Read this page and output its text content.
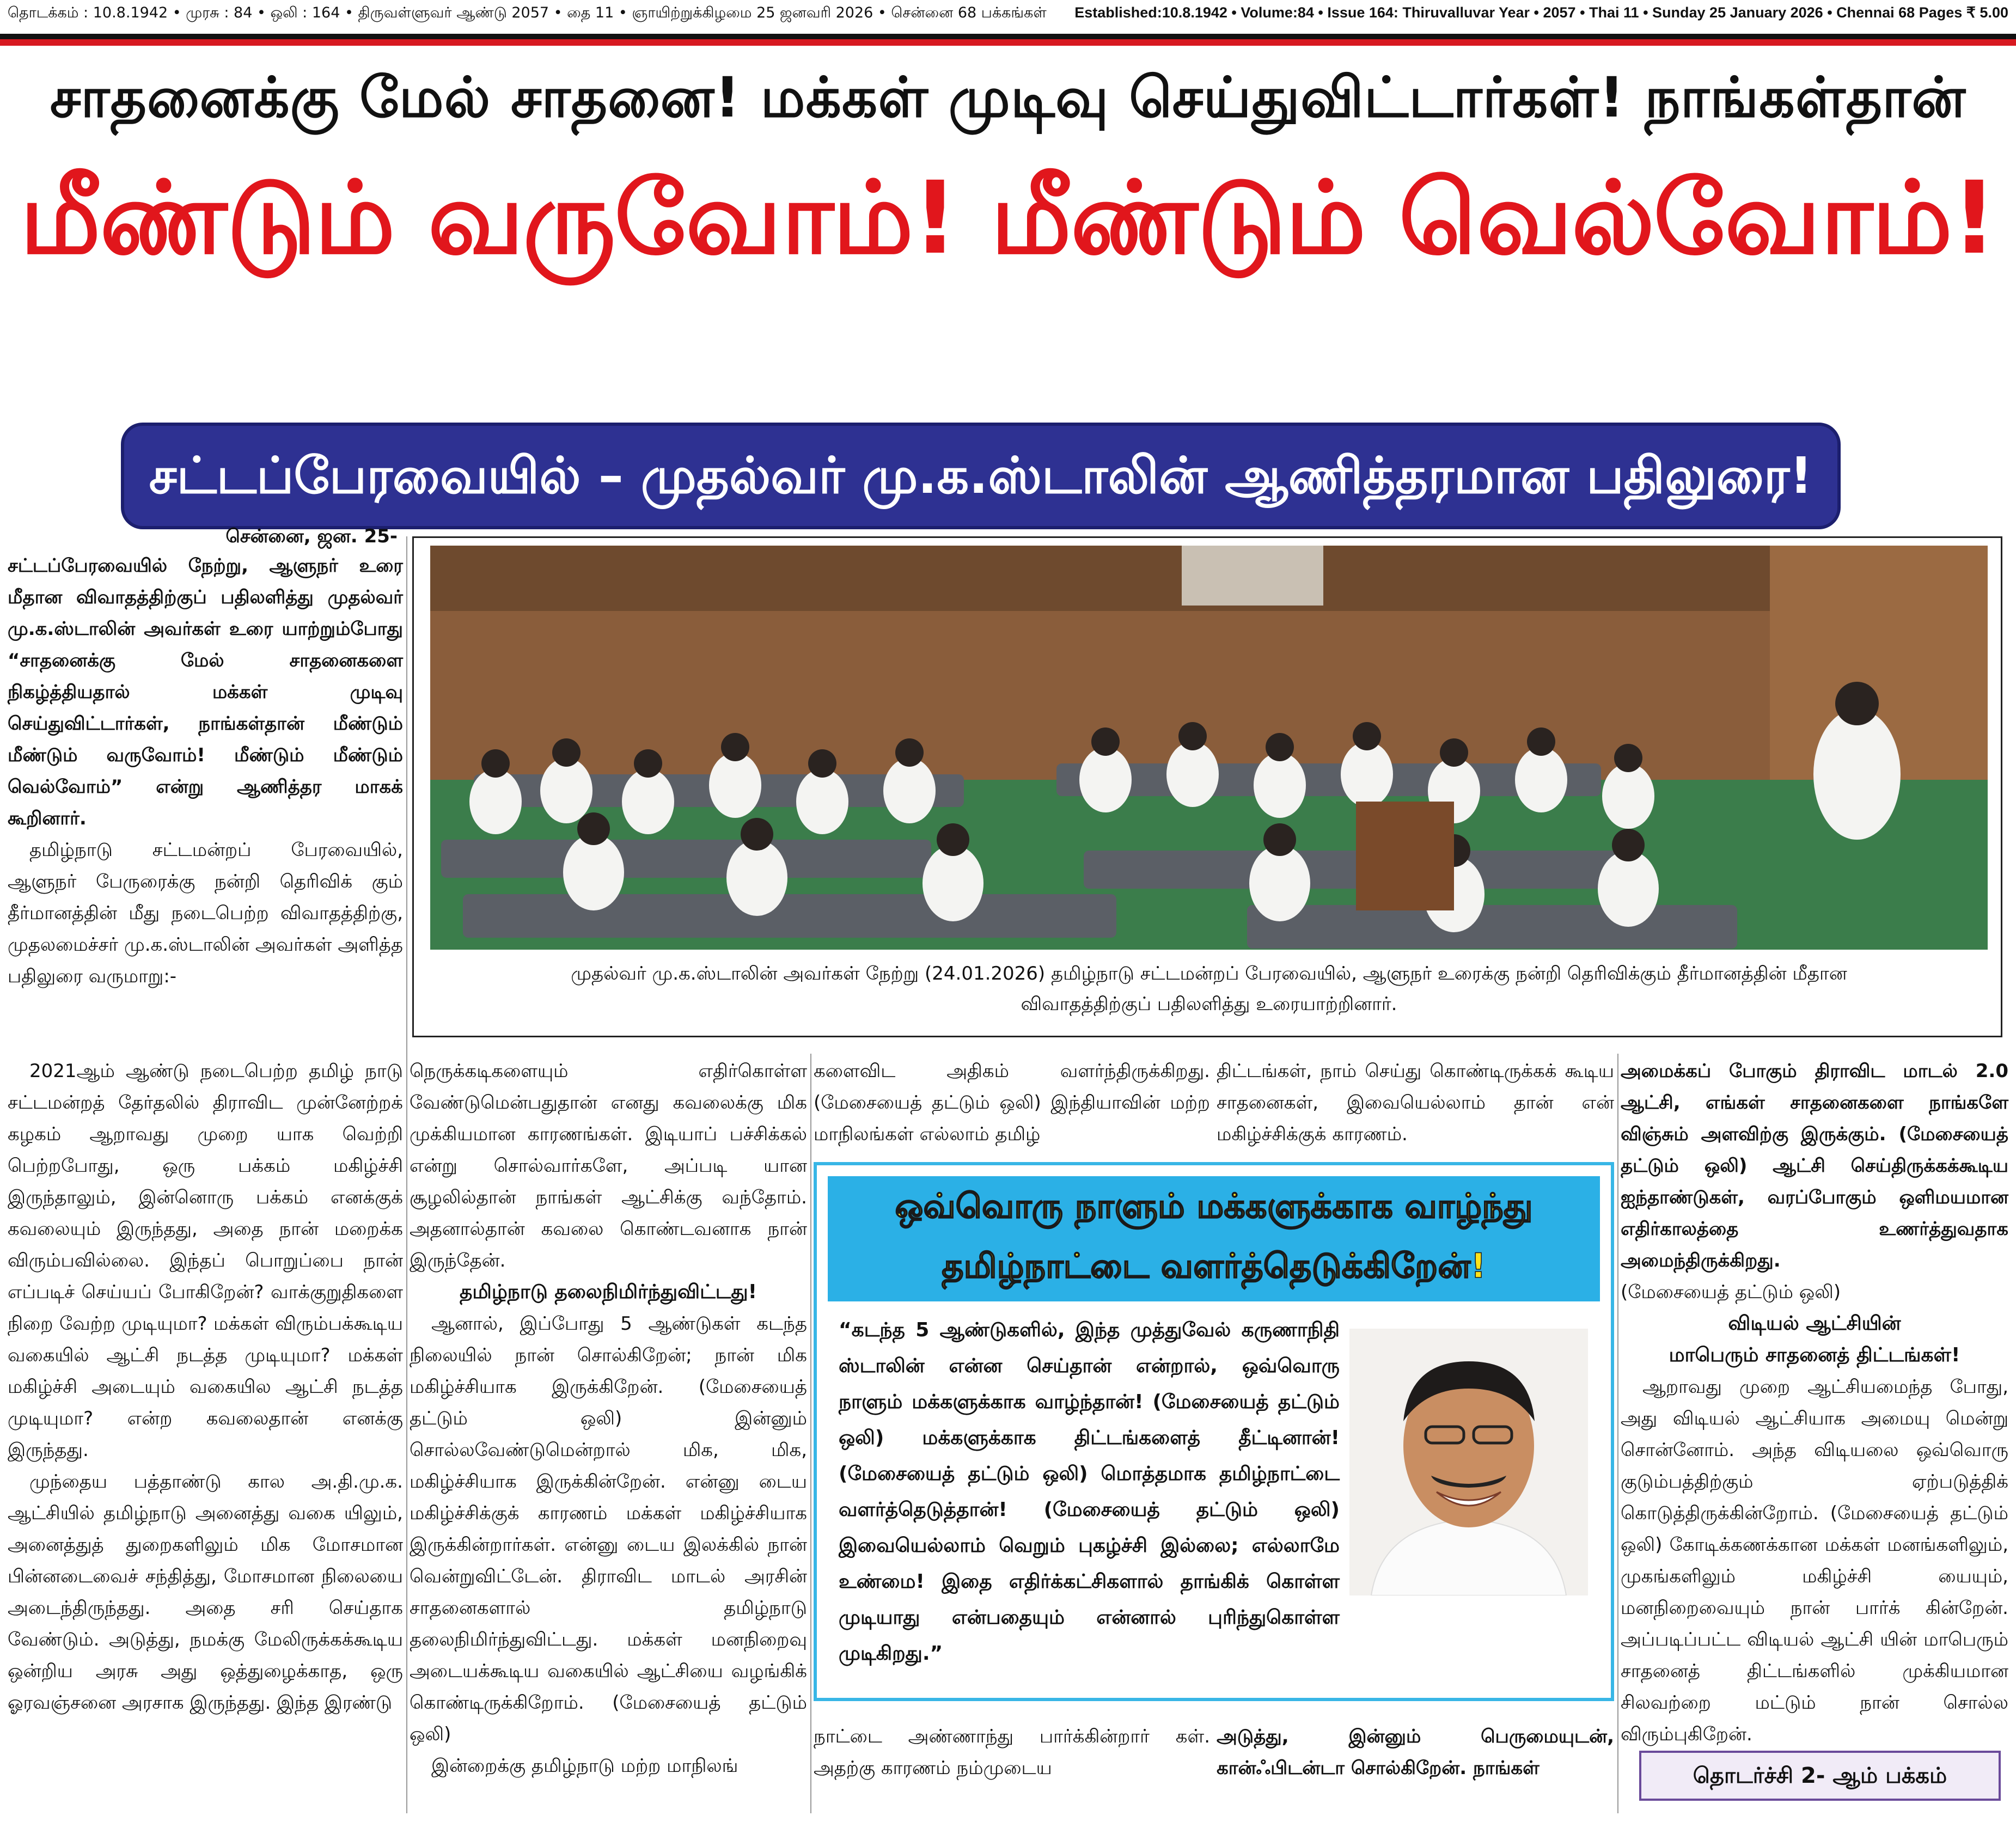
தொடக்கம் : 10.8.1942 • முரசு : 84 • ஒலி : 164 • திருவள்ளுவர் ஆண்டு 2057 • தை 11 • ஞாயிற்றுக்கிழமை 25 ஜனவரி 2026 • சென்னை 68 பக்கங்கள் Established:10.8.1942 • Volume:84 • Issue 164: Thiruvalluvar Year • 2057 • Thai 11 • Sunday 25 January 2026 • Chennai 68 Pages ₹ 5.00
சாதனைக்கு மேல் சாதனை! மக்கள் முடிவு செய்துவிட்டார்கள்! நாங்கள்தான்
மீண்டும் வருவோம்! மீண்டும் வெல்வோம்!
சட்டப்பேரவையில் – முதல்வர் மு.க.ஸ்டாலின் ஆணித்தரமான பதிலுரை!
முதல்வர் மு.க.ஸ்டாலின் அவர்கள் நேற்று (24.01.2026) தமிழ்நாடு சட்டமன்றப் பேரவையில், ஆளுநர் உரைக்கு நன்றி தெரிவிக்கும் தீர்மானத்தின் மீதான
விவாதத்திற்குப் பதிலளித்து உரையாற்றினார்.
சென்னை, ஜன. 25-

சட்டப்பேரவையில் நேற்று, ஆளுநர் உரை மீதான விவாதத்திற்குப் பதிலளித்து முதல்வர் மு.க.ஸ்டாலின் அவர்கள் உரை யாற்றும்போது “சாதனைக்கு மேல் சாதனைகளை நிகழ்த்தியதால் மக்கள் முடிவு செய்துவிட்டார்கள், நாங்கள்தான் மீண்டும் மீண்டும் வருவோம்! மீண்டும் மீண்டும் வெல்வோம்” என்று ஆணித்தர மாகக் கூறினார்.

தமிழ்நாடு சட்டமன்றப் பேரவையில், ஆளுநர் பேருரைக்கு நன்றி தெரிவிக் கும் தீர்மானத்தின் மீது நடைபெற்ற விவாதத்திற்கு, முதலமைச்சர் மு.க.ஸ்டாலின் அவர்கள் அளித்த பதிலுரை வருமாறு:-

2021ஆம் ஆண்டு நடைபெற்ற தமிழ் நாடு சட்டமன்றத் தேர்தலில் திராவிட முன்னேற்றக் கழகம் ஆறாவது முறை யாக வெற்றி பெற்றபோது, ஒரு பக்கம் மகிழ்ச்சி இருந்தாலும், இன்னொரு பக்கம் எனக்குக் கவலையும் இருந்தது, அதை நான் மறைக்க விரும்பவில்லை. இந்தப் பொறுப்பை நான் எப்படிச் செய்யப் போகிறேன்? வாக்குறுதிகளை நிறை வேற்ற முடியுமா? மக்கள் விரும்பக்கூடிய வகையில் ஆட்சி நடத்த முடியுமா? மக்கள் மகிழ்ச்சி அடையும் வகையில ஆட்சி நடத்த முடியுமா? என்ற கவலைதான் எனக்கு இருந்தது.

முந்தைய பத்தாண்டு கால அ.தி.மு.க. ஆட்சியில் தமிழ்நாடு அனைத்து வகை யிலும், அனைத்துத் துறைகளிலும் மிக மோசமான பின்னடைவைச் சந்தித்து, மோசமான நிலையை அடைந்திருந்தது. அதை சரி செய்தாக வேண்டும். அடுத்து, நமக்கு மேலிருக்கக்கூடிய ஒன்றிய அரசு அது ஒத்துழைக்காத, ஒரு ஓரவஞ்சனை அரசாக இருந்தது. இந்த இரண்டு

நெருக்கடிகளையும் எதிர்கொள்ள வேண்டுமென்பதுதான் எனது கவலைக்கு மிக முக்கியமான காரணங்கள். இடியாப் பச்சிக்கல் என்று சொல்வார்களே, அப்படி யான சூழலில்தான் நாங்கள் ஆட்சிக்கு வந்தோம். அதனால்தான் கவலை கொண்டவனாக நான் இருந்தேன்.

தமிழ்நாடு தலைநிமிர்ந்துவிட்டது!

ஆனால், இப்போது 5 ஆண்டுகள் கடந்த நிலையில் நான் சொல்கிறேன்; நான் மிக மகிழ்ச்சியாக இருக்கிறேன். (மேசையைத் தட்டும் ஒலி) இன்னும் சொல்லவேண்டுமென்றால் மிக, மிக, மகிழ்ச்சியாக இருக்கின்றேன். என்னு டைய மகிழ்ச்சிக்குக் காரணம் மக்கள் மகிழ்ச்சியாக இருக்கின்றார்கள். என்னு டைய இலக்கில் நான் வென்றுவிட்டேன். திராவிட மாடல் அரசின் சாதனைகளால் தமிழ்நாடு தலைநிமிர்ந்துவிட்டது. மக்கள் மனநிறைவு அடையக்கூடிய வகையில் ஆட்சியை வழங்கிக் கொண்டிருக்கிறோம். (மேசையைத் தட்டும் ஒலி)

இன்றைக்கு தமிழ்நாடு மற்ற மாநிலங்

களைவிட அதிகம் வளர்ந்திருக்கிறது. (மேசையைத் தட்டும் ஒலி) இந்தியாவின் மற்ற மாநிலங்கள் எல்லாம் தமிழ்

திட்டங்கள், நாம் செய்து கொண்டிருக்கக் கூடிய சாதனைகள், இவையெல்லாம் தான் என் மகிழ்ச்சிக்குக் காரணம்.

ஒவ்வொரு நாளும் மக்களுக்காக வாழ்ந்து
தமிழ்நாட்டை வளர்த்தெடுக்கிறேன்!
“கடந்த 5 ஆண்டுகளில், இந்த முத்துவேல் கருணாநிதி ஸ்டாலின் என்ன செய்தான் என்றால், ஒவ்வொரு நாளும் மக்களுக்காக வாழ்ந்தான்! (மேசையைத் தட்டும் ஒலி) மக்களுக்காக திட்டங்களைத் தீட்டினான்! (மேசையைத் தட்டும் ஒலி) மொத்தமாக தமிழ்நாட்டை வளர்த்தெடுத்தான்! (மேசையைத் தட்டும் ஒலி) இவையெல்லாம் வெறும் புகழ்ச்சி இல்லை; எல்லாமே உண்மை! இதை எதிர்க்கட்சிகளால் தாங்கிக் கொள்ள முடியாது என்பதையும் என்னால் புரிந்துகொள்ள முடிகிறது.”

நாட்டை அண்ணாந்து பார்க்கின்றார் கள். அதற்கு காரணம் நம்முடைய

அடுத்து, இன்னும் பெருமையுடன், கான்ஃபிடன்டா சொல்கிறேன். நாங்கள்

அமைக்கப் போகும் திராவிட மாடல் 2.0 ஆட்சி, எங்கள் சாதனைகளை நாங்களே விஞ்சும் அளவிற்கு இருக்கும். (மேசையைத் தட்டும் ஒலி) ஆட்சி செய்திருக்கக்கூடிய ஐந்தாண்டுகள், வரப்போகும் ஒளிமயமான எதிர்காலத்தை உணர்த்துவதாக அமைந்திருக்கிறது.

(மேசையைத் தட்டும் ஒலி)

விடியல் ஆட்சியின்

மாபெரும் சாதனைத் திட்டங்கள்!

ஆறாவது முறை ஆட்சியமைந்த போது, அது விடியல் ஆட்சியாக அமையு மென்று சொன்னோம். அந்த விடியலை ஒவ்வொரு குடும்பத்திற்கும் ஏற்படுத்திக் கொடுத்திருக்கின்றோம். (மேசையைத் தட்டும் ஒலி) கோடிக்கணக்கான மக்கள் மனங்களிலும், முகங்களிலும் மகிழ்ச்சி யையும், மனநிறைவையும் நான் பார்க் கின்றேன். அப்படிப்பட்ட விடியல் ஆட்சி யின் மாபெரும் சாதனைத் திட்டங்களில் முக்கியமான சிலவற்றை மட்டும் நான் சொல்ல விரும்புகிறேன்.

தொடர்ச்சி 2- ஆம் பக்கம்
